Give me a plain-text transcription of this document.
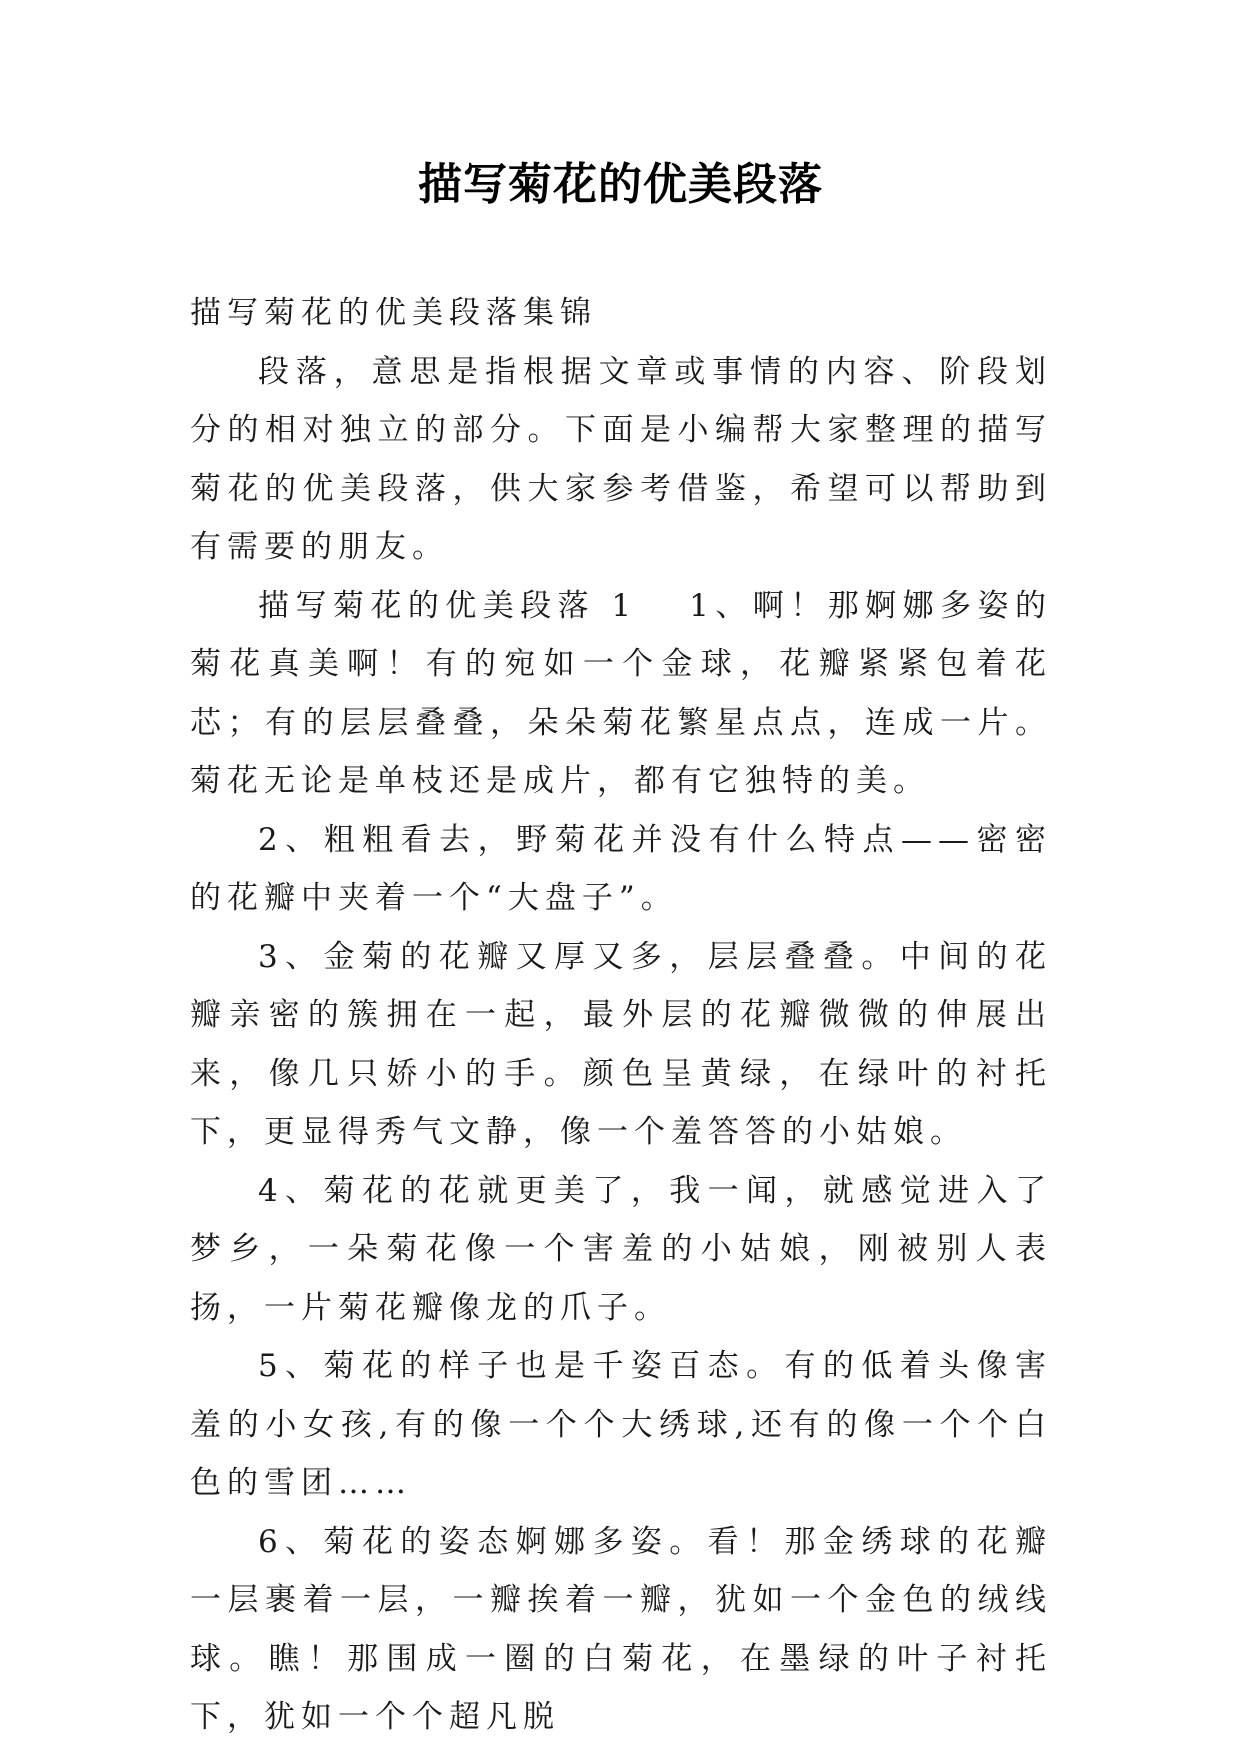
描写菊花的优美段落

描写菊花的优美段落集锦

段落，意思是指根据文章或事情的内容、阶段划分的相对独立的部分。下面是小编帮大家整理的描写菊花的优美段落，供大家参考借鉴，希望可以帮助到有需要的朋友。

描写菊花的优美段落 1 1、啊！那婀娜多姿的菊花真美啊！有的宛如一个金球，花瓣紧紧包着花芯；有的层层叠叠，朵朵菊花繁星点点，连成一片。菊花无论是单枝还是成片，都有它独特的美。

2、粗粗看去，野菊花并没有什么特点——密密的花瓣中夹着一个“大盘子”。

3、金菊的花瓣又厚又多，层层叠叠。中间的花瓣亲密的簇拥在一起，最外层的花瓣微微的伸展出来，像几只娇小的手。颜色呈黄绿，在绿叶的衬托下，更显得秀气文静，像一个羞答答的小姑娘。

4、菊花的花就更美了，我一闻，就感觉进入了梦乡，一朵菊花像一个害羞的小姑娘，刚被别人表扬，一片菊花瓣像龙的爪子。

5、菊花的样子也是千姿百态。有的低着头像害羞的小女孩,有的像一个个大绣球,还有的像一个个白色的雪团……

6、菊花的姿态婀娜多姿。看！那金绣球的花瓣一层裹着一层，一瓣挨着一瓣，犹如一个金色的绒线球。瞧！那围成一圈的白菊花，在墨绿的叶子衬托下，犹如一个个超凡脱
